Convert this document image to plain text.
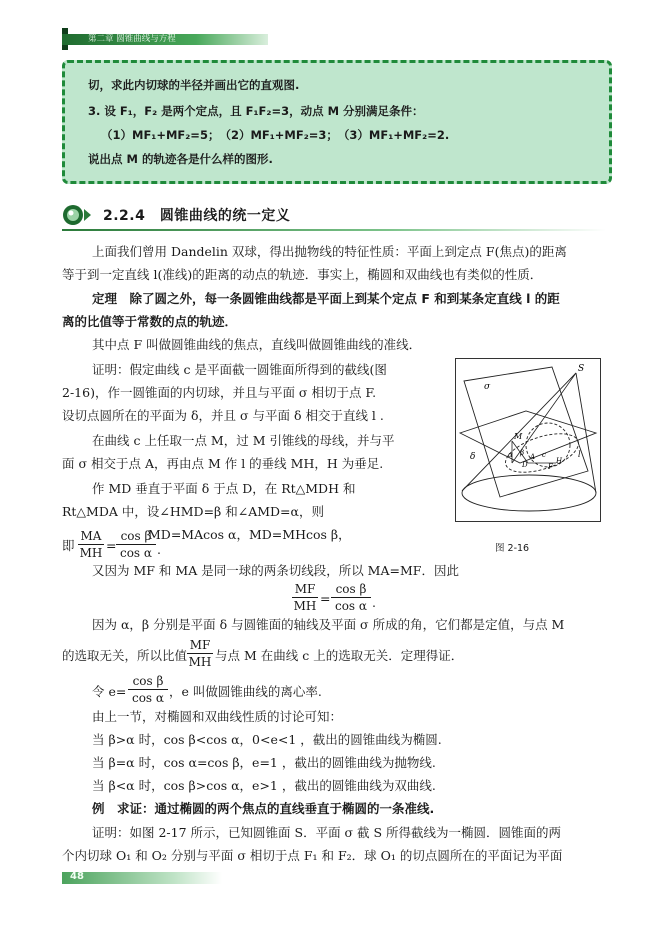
第二章 圆锥曲线与方程
切，求此内切球的半径并画出它的直观图.
3. 设 F₁，F₂ 是两个定点，且 F₁F₂=3，动点 M 分别满足条件：
（1）MF₁+MF₂=5；　（2）MF₁+MF₂=3；　（3）MF₁+MF₂=2.
说出点 M 的轨迹各是什么样的图形.
2.2.4　圆锥曲线的统一定义
上面我们曾用 Dandelin 双球，得出抛物线的特征性质：平面上到定点 F(焦点)的距离
等于到一定直线 l(准线)的距离的动点的轨迹．事实上，椭圆和双曲线也有类似的性质．
定理　除了圆之外，每一条圆锥曲线都是平面上到某个定点 F 和到某条定直线 l 的距
离的比值等于常数的点的轨迹．
其中点 F 叫做圆锥曲线的焦点，直线叫做圆锥曲线的准线．
证明：假定曲线 c 是平面截一圆锥面所得到的截线(图
2-16)，作一圆锥面的内切球，并且与平面 σ 相切于点 F.
设切点圆所在的平面为 δ，并且 σ 与平面 δ 相交于直线 l .
在曲线 c 上任取一点 M，过 M 引锥线的母线，并与平
面 σ 相交于点 A，再由点 M 作 l 的垂线 MH，H 为垂足.
作 MD 垂直于平面 δ 于点 D，在 Rt△MDH 和
Rt△MDA 中，设∠HMD=β 和∠AMD=α，则
MD=MAcos α，MD=MHcos β，
即
MA
MH =
cos β
cos α .
σ
S
M
δ	α β
D
A c	l
F
H
图 2-16
又因为 MF 和 MA 是同一球的两条切线段，所以 MA=MF．因此
MF
MH =
cos β
cos α .
因为 α，β 分别是平面 δ 与圆锥面的轴线及平面 σ 所成的角，它们都是定值，与点 M
的选取无关，所以比值
MF
MH 与点 M 在曲线 c 上的选取无关．定理得证．
令 e=
cos β
cos α ，e 叫做圆锥曲线的离心率.
由上一节，对椭圆和双曲线性质的讨论可知：
当 β>α 时，cos β<cos α，0<e<1 ，截出的圆锥曲线为椭圆.
当 β=α 时，cos α=cos β，e=1 ，截出的圆锥曲线为抛物线.
当 β<α 时，cos β>cos α，e>1 ，截出的圆锥曲线为双曲线.
例　求证：通过椭圆的两个焦点的直线垂直于椭圆的一条准线.
证明：如图 2-17 所示，已知圆锥面 S．平面 σ 截 S 所得截线为一椭圆．圆锥面的两
个内切球 O₁ 和 O₂ 分别与平面 σ 相切于点 F₁ 和 F₂．球 O₁ 的切点圆所在的平面记为平面
48
